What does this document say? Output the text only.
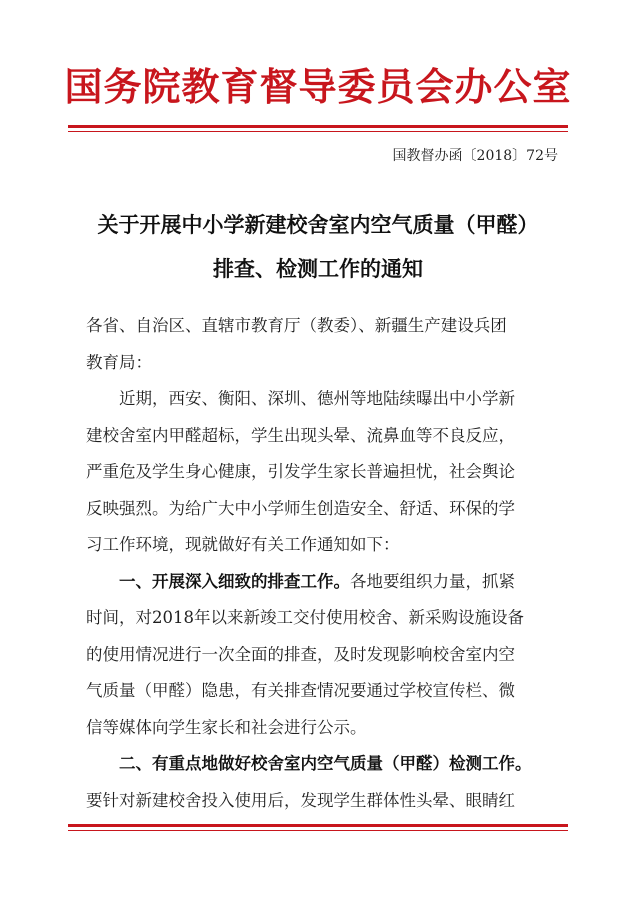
国务院教育督导委员会办公室
国教督办函〔2018〕72号
关于开展中小学新建校舍室内空气质量（甲醛）
排查、检测工作的通知
各省、自治区、直辖市教育厅（教委）、新疆生产建设兵团
教育局：
近期，西安、衡阳、深圳、德州等地陆续曝出中小学新
建校舍室内甲醛超标，学生出现头晕、流鼻血等不良反应，
严重危及学生身心健康，引发学生家长普遍担忧，社会舆论
反映强烈。为给广大中小学师生创造安全、舒适、环保的学
习工作环境，现就做好有关工作通知如下：
一、开展深入细致的排查工作。各地要组织力量，抓紧
时间，对2018年以来新竣工交付使用校舍、新采购设施设备
的使用情况进行一次全面的排查，及时发现影响校舍室内空
气质量（甲醛）隐患，有关排查情况要通过学校宣传栏、微
信等媒体向学生家长和社会进行公示。
二、有重点地做好校舍室内空气质量（甲醛）检测工作。
要针对新建校舍投入使用后，发现学生群体性头晕、眼睛红
